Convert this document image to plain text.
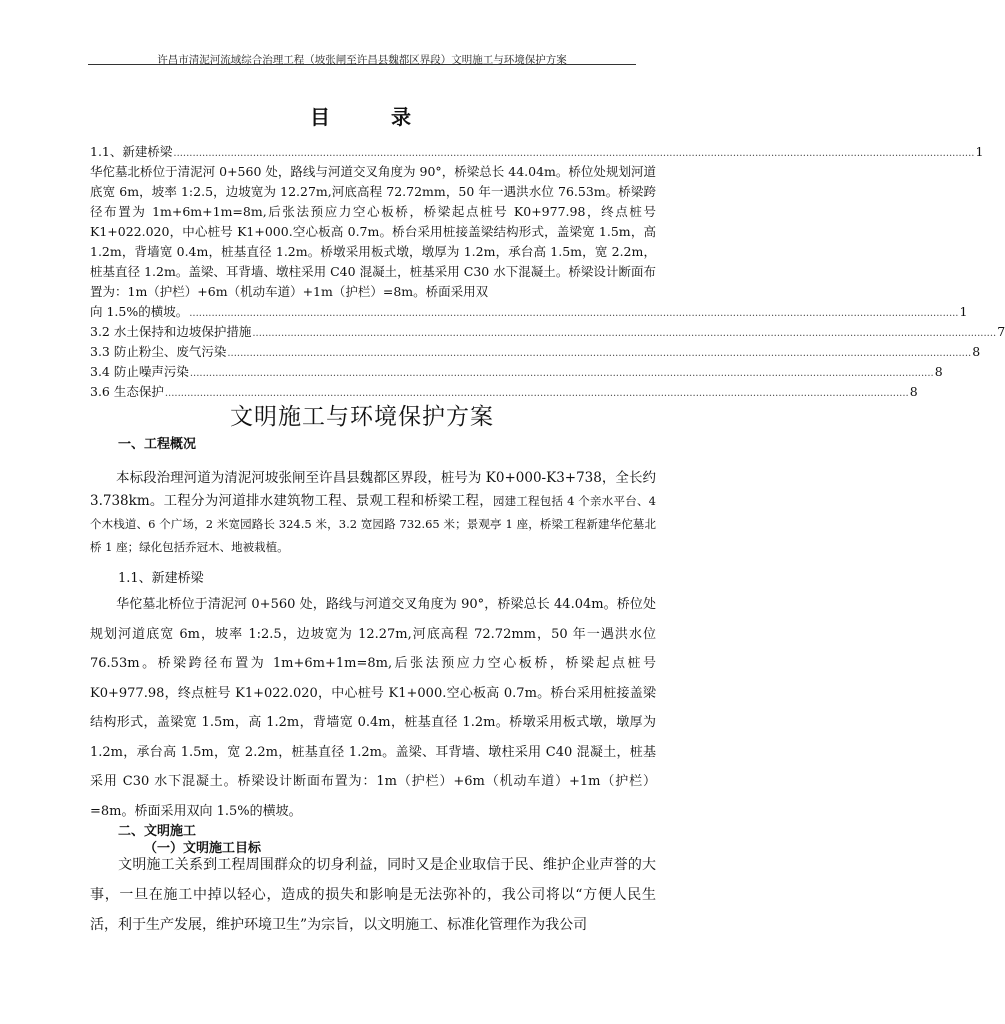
许昌市清泥河流域综合治理工程（坡张闸至许昌县魏都区界段）文明施工与环境保护方案
目	录
1.1、新建桥梁 ............................................................................................................................................................................................................................................................ 1
华佗墓北桥位于清泥河 0+560 处，路线与河道交叉角度为 90°，桥梁总长 44.04m。桥位处规划河道底宽 6m，坡率 1:2.5，边坡宽为 12.27m,河底高程 72.72mm，50 年一遇洪水位 76.53m。桥梁跨径布置为 1m+6m+1m=8m,后张法预应力空心板桥，桥梁起点桩号 K0+977.98，终点桩号 K1+022.020，中心桩号 K1+000.空心板高 0.7m。桥台采用桩接盖梁结构形式，盖梁宽 1.5m，高 1.2m，背墙宽 0.4m，桩基直径 1.2m。桥墩采用板式墩，墩厚为 1.2m，承台高 1.5m，宽 2.2m，桩基直径 1.2m。盖梁、耳背墙、墩柱采用 C40 混凝土，桩基采用 C30 水下混凝土。桥梁设计断面布置为：1m（护栏）+6m（机动车道）+1m（护栏）=8m。桥面采用双
向 1.5%的横坡。 .................................................................................................................................................................................................................................................. 1
3.2 水土保持和边坡保护措施 .......................................................................................................................................................................................................................................... 7
3.3 防止粉尘、废气污染 .......................................................................................................................................................................................................................................... 8
3.4 防止噪声污染 .......................................................................................................................................................................................................................................... 8
3.6 生态保护 .......................................................................................................................................................................................................................................... 8
文明施工与环境保护方案
一、工程概况
本标段治理河道为清泥河坡张闸至许昌县魏都区界段，桩号为 K0+000-K3+738，全长约 3.738km。工程分为河道排水建筑物工程、景观工程和桥梁工程，园建工程包括 4 个亲水平台、4 个木栈道、6 个广场，2 米宽园路长 324.5 米，3.2 宽园路 732.65 米；景观亭 1 座，桥梁工程新建华佗墓北桥 1 座；绿化包括乔冠木、地被栽植。
1.1、新建桥梁
华佗墓北桥位于清泥河 0+560 处，路线与河道交叉角度为 90°，桥梁总长 44.04m。桥位处规划河道底宽 6m，坡率 1:2.5，边坡宽为 12.27m,河底高程 72.72mm，50 年一遇洪水位 76.53m。桥梁跨径布置为 1m+6m+1m=8m,后张法预应力空心板桥，桥梁起点桩号 K0+977.98，终点桩号 K1+022.020，中心桩号 K1+000.空心板高 0.7m。桥台采用桩接盖梁结构形式，盖梁宽 1.5m，高 1.2m，背墙宽 0.4m，桩基直径 1.2m。桥墩采用板式墩，墩厚为 1.2m，承台高 1.5m，宽 2.2m，桩基直径 1.2m。盖梁、耳背墙、墩柱采用 C40 混凝土，桩基采用 C30 水下混凝土。桥梁设计断面布置为：1m（护栏）+6m（机动车道）+1m（护栏）=8m。桥面采用双向 1.5%的横坡。
二、文明施工
（一）文明施工目标
文明施工关系到工程周围群众的切身利益，同时又是企业取信于民、维护企业声誉的大事，一旦在施工中掉以轻心，造成的损失和影响是无法弥补的，我公司将以“方便人民生活，利于生产发展，维护环境卫生”为宗旨，以文明施工、标准化管理作为我公司
